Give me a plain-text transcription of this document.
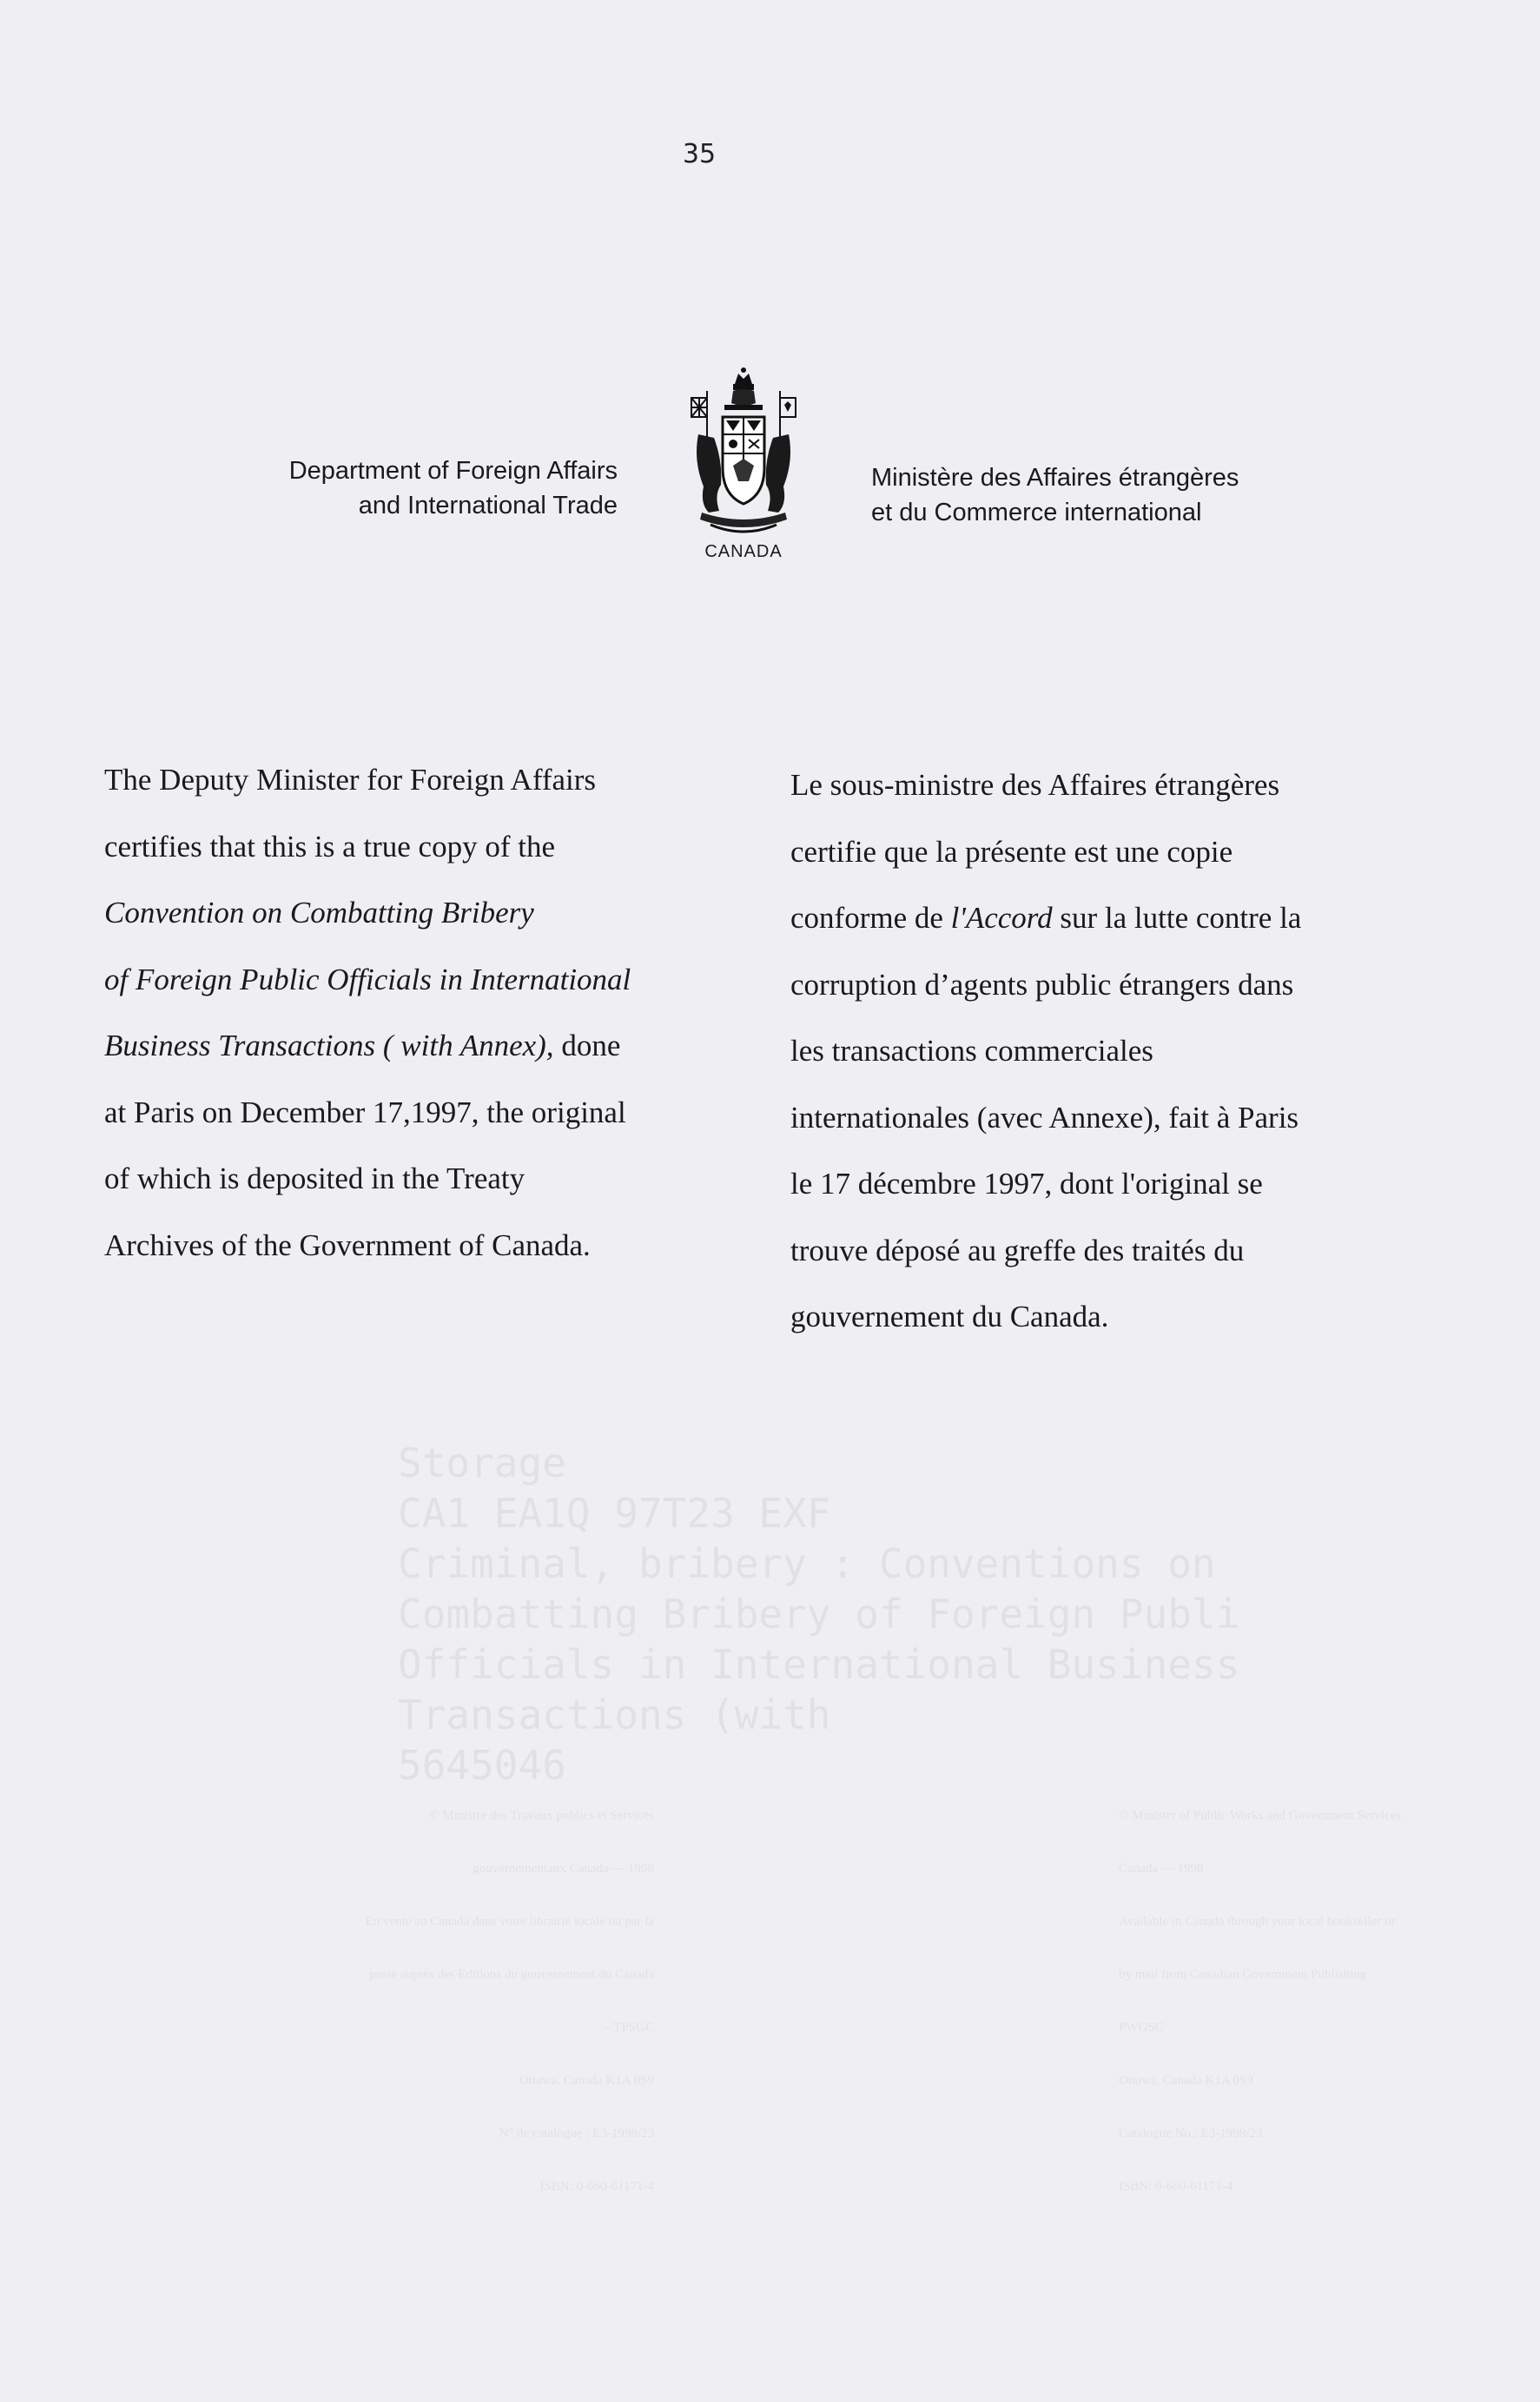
35
Department of Foreign Affairs
and International Trade
CANADA
Ministère des Affaires étrangères
et du Commerce international
The Deputy Minister for Foreign Affairs
certifies that this is a true copy of the
Convention on Combatting Bribery
of Foreign Public Officials in International
Business Transactions ( with Annex), done
at Paris on December 17,1997, the original
of which is deposited in the Treaty
Archives of the Government of Canada.
Le sous-ministre des Affaires étrangères
certifie que la présente est une copie
conforme de l'Accord sur la lutte contre la
corruption d’agents public étrangers dans
les transactions commerciales
internationales (avec Annexe), fait à Paris
le 17 décembre 1997, dont l'original se
trouve déposé au greffe des traités du
gouvernement du Canada.
Storage
CA1 EA1Q 97T23 EXF
Criminal, bribery : Conventions on
Combatting Bribery of Foreign Publi
Officials in International Business
Transactions (with
5645046
© Ministre des Travaux publics et Services
gouvernementaux Canada — 1998
En vente au Canada dans votre librairie locale ou par la
poste auprès des Éditions du gouvernement du Canada
– TPSGC
Ottawa, Canada K1A 0S9
N° de catalogue : E3-1998/23
ISBN: 0-660-61171-4
© Minister of Public Works and Government Services
Canada — 1998
Available in Canada through your local bookseller or
by mail from Canadian Government Publishing
PWGSC
Ottawa, Canada K1A 0S9
Catalogue No.: E3-1998/23
ISBN: 0-660-61171-4
